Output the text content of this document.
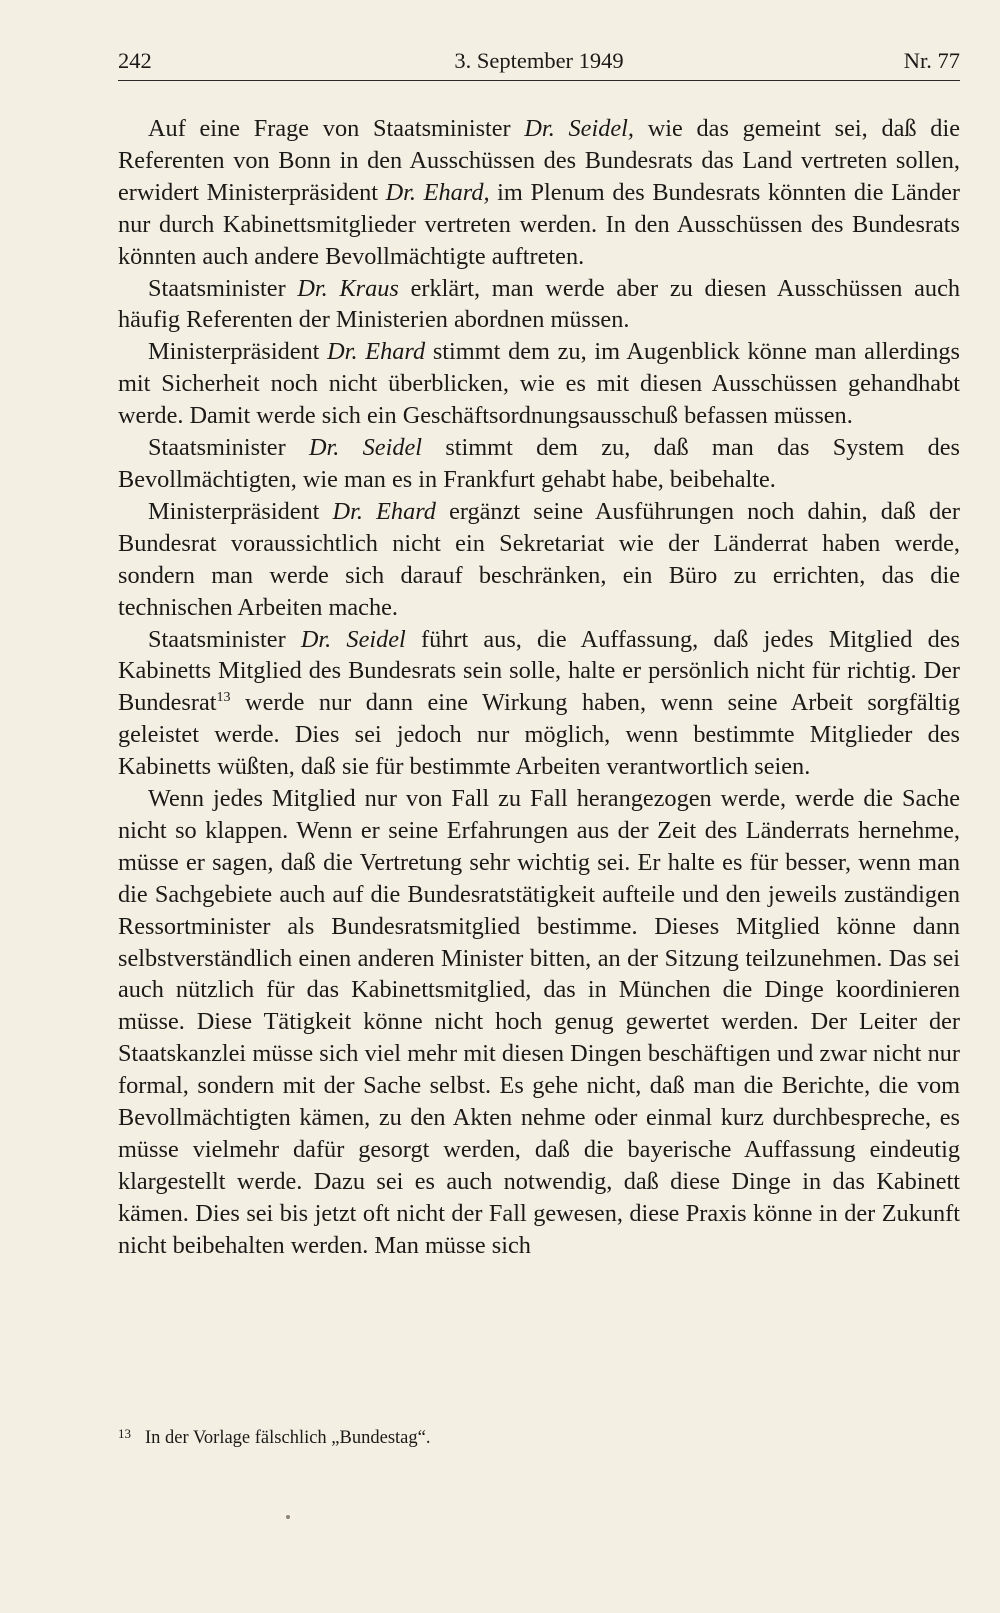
242	3. September 1949	Nr. 77

Auf eine Frage von Staatsminister Dr. Seidel, wie das gemeint sei, daß die Referenten von Bonn in den Ausschüssen des Bundesrats das Land vertreten sollen, erwidert Ministerpräsident Dr. Ehard, im Plenum des Bundesrats könnten die Länder nur durch Kabinettsmitglieder vertreten werden. In den Ausschüssen des Bundesrats könnten auch andere Bevollmächtigte auftreten.

Staatsminister Dr. Kraus erklärt, man werde aber zu diesen Ausschüssen auch häufig Referenten der Ministerien abordnen müssen.

Ministerpräsident Dr. Ehard stimmt dem zu, im Augenblick könne man allerdings mit Sicherheit noch nicht überblicken, wie es mit diesen Ausschüssen gehandhabt werde. Damit werde sich ein Geschäftsordnungsausschuß befassen müssen.

Staatsminister Dr. Seidel stimmt dem zu, daß man das System des Bevollmächtigten, wie man es in Frankfurt gehabt habe, beibehalte.

Ministerpräsident Dr. Ehard ergänzt seine Ausführungen noch dahin, daß der Bundesrat voraussichtlich nicht ein Sekretariat wie der Länderrat haben werde, sondern man werde sich darauf beschränken, ein Büro zu errichten, das die technischen Arbeiten mache.

Staatsminister Dr. Seidel führt aus, die Auffassung, daß jedes Mitglied des Kabinetts Mitglied des Bundesrats sein solle, halte er persönlich nicht für richtig. Der Bundesrat$^{13}$ werde nur dann eine Wirkung haben, wenn seine Arbeit sorgfältig geleistet werde. Dies sei jedoch nur möglich, wenn bestimmte Mitglieder des Kabinetts wüßten, daß sie für bestimmte Arbeiten verantwortlich seien.

Wenn jedes Mitglied nur von Fall zu Fall herangezogen werde, werde die Sache nicht so klappen. Wenn er seine Erfahrungen aus der Zeit des Länderrats hernehme, müsse er sagen, daß die Vertretung sehr wichtig sei. Er halte es für besser, wenn man die Sachgebiete auch auf die Bundesratstätigkeit aufteile und den jeweils zuständigen Ressortminister als Bundesratsmitglied bestimme. Dieses Mitglied könne dann selbstverständlich einen anderen Minister bitten, an der Sitzung teilzunehmen. Das sei auch nützlich für das Kabinettsmitglied, das in München die Dinge koordinieren müsse. Diese Tätigkeit könne nicht hoch genug gewertet werden. Der Leiter der Staatskanzlei müsse sich viel mehr mit diesen Dingen beschäftigen und zwar nicht nur formal, sondern mit der Sache selbst. Es gehe nicht, daß man die Berichte, die vom Bevollmächtigten kämen, zu den Akten nehme oder einmal kurz durchbespreche, es müsse vielmehr dafür gesorgt werden, daß die bayerische Auffassung eindeutig klargestellt werde. Dazu sei es auch notwendig, daß diese Dinge in das Kabinett kämen. Dies sei bis jetzt oft nicht der Fall gewesen, diese Praxis könne in der Zukunft nicht beibehalten werden. Man müsse sich

$^{13}$ In der Vorlage fälschlich „Bundestag“.
